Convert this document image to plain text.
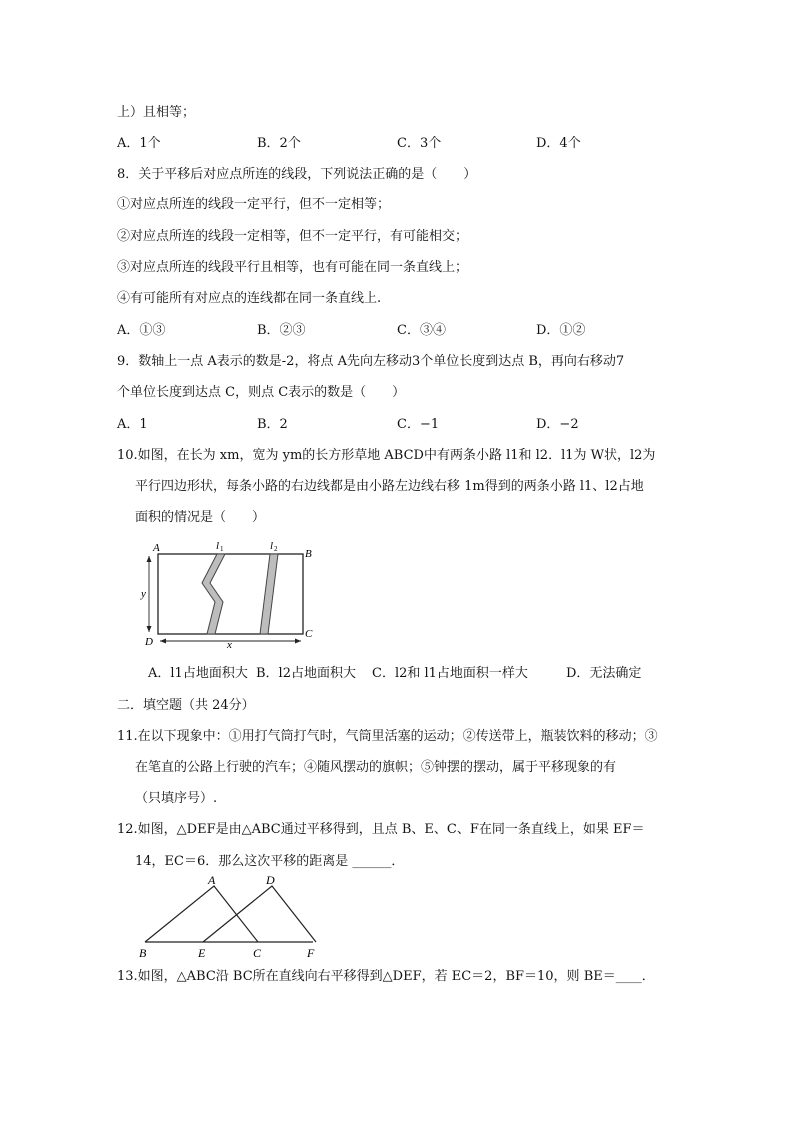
上）且相等；
A．1个	B．2个	C．3个	D．4个
8．关于平移后对应点所连的线段，下列说法正确的是（　　）
①对应点所连的线段一定平行，但不一定相等；
②对应点所连的线段一定相等，但不一定平行，有可能相交；
③对应点所连的线段平行且相等，也有可能在同一条直线上；
④有可能所有对应点的连线都在同一条直线上.
A．①③	B．②③	C．③④	D．①②
9．数轴上一点 A表示的数是-2，将点 A先向左移动3个单位长度到达点 B，再向右移动7
个单位长度到达点 C，则点 C表示的数是（　　）
A．1	B．2	C．−1	D．−2
10.如图，在长为 xm，宽为 ym的长方形草地 ABCD中有两条小路 l1和 l2．l1为 W状，l2为
平行四边形状，每条小路的右边线都是由小路左边线右移 1m得到的两条小路 l1、l2占地
面积的情况是（　　）
A	B
C
D
l 1	l 2
x
y
A．l1占地面积大 B．l2占地面积大 C．l2和 l1占地面积一样大	D．无法确定
二．填空题（共 24分）
11.在以下现象中：①用打气筒打气时，气筒里活塞的运动；②传送带上，瓶装饮料的移动；③
在笔直的公路上行驶的汽车；④随风摆动的旗帜；⑤钟摆的摆动，属于平移现象的有
（只填序号）.
12.如图，△DEF是由△ABC通过平移得到，且点 B、E、C、F在同一条直线上，如果 EF＝
14，EC＝6．那么这次平移的距离是 ______．
A	D
B	E	C	F
13.如图，△ABC沿 BC所在直线向右平移得到△DEF，若 EC＝2，BF＝10，则 BE＝____．
